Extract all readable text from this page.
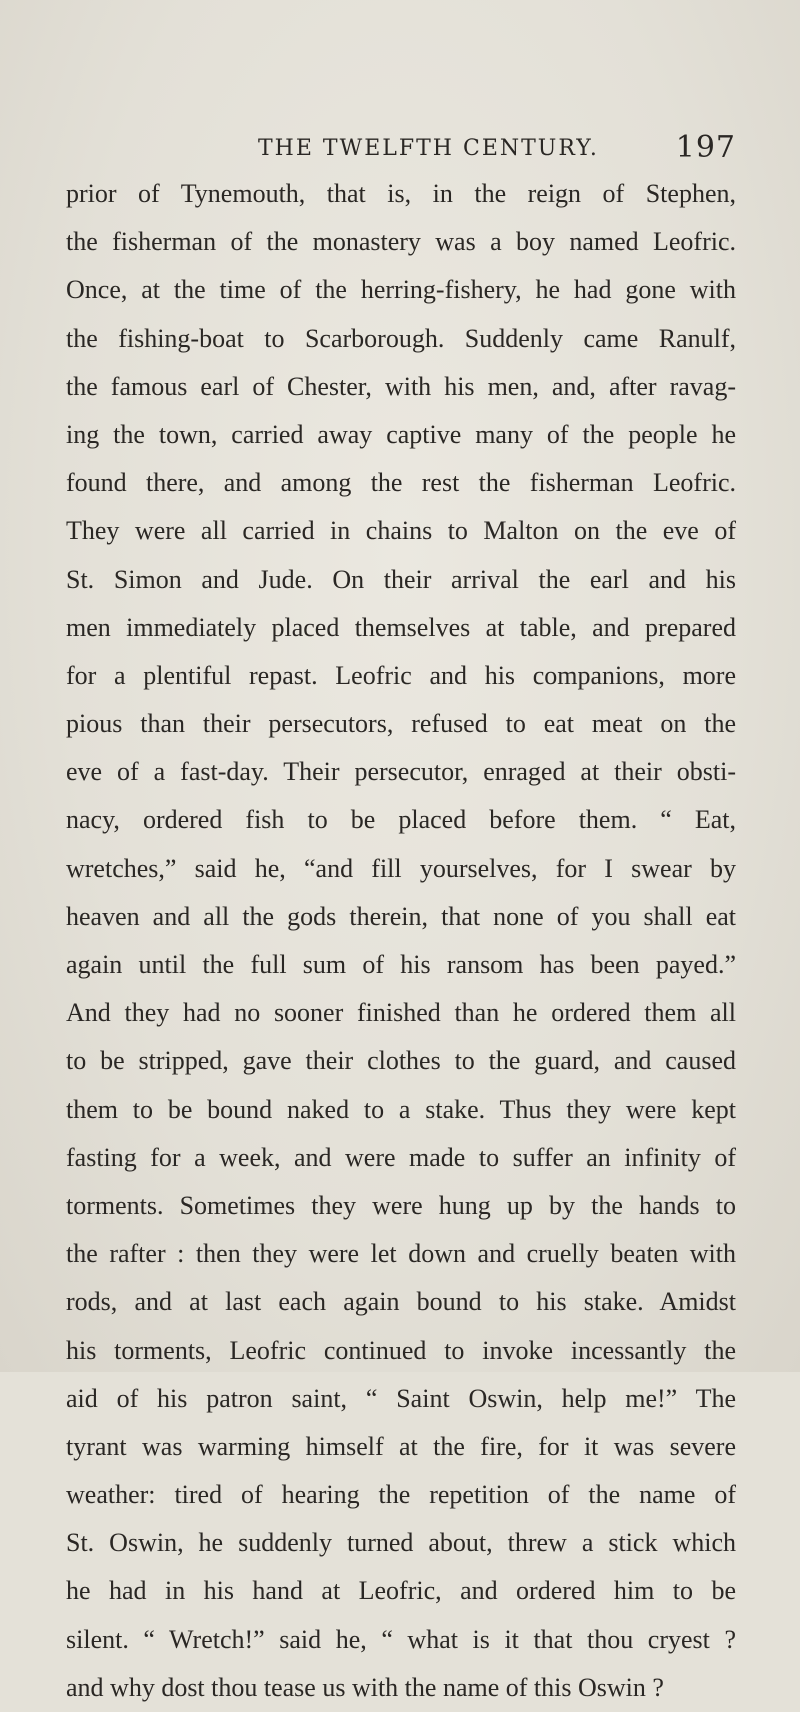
THE TWELFTH CENTURY.	197
prior of Tynemouth, that is, in the reign of Stephen,
the fisherman of the monastery was a boy named Leofric.
Once, at the time of the herring-fishery, he had gone with
the fishing-boat to Scarborough. Suddenly came Ranulf,
the famous earl of Chester, with his men, and, after ravag-
ing the town, carried away captive many of the people he
found there, and among the rest the fisherman Leofric.
They were all carried in chains to Malton on the eve of
St. Simon and Jude. On their arrival the earl and his
men immediately placed themselves at table, and prepared
for a plentiful repast. Leofric and his companions, more
pious than their persecutors, refused to eat meat on the
eve of a fast-day. Their persecutor, enraged at their obsti-
nacy, ordered fish to be placed before them. “ Eat,
wretches,” said he, “and fill yourselves, for I swear by
heaven and all the gods therein, that none of you shall eat
again until the full sum of his ransom has been payed.”
And they had no sooner finished than he ordered them all
to be stripped, gave their clothes to the guard, and caused
them to be bound naked to a stake. Thus they were kept
fasting for a week, and were made to suffer an infinity of
torments. Sometimes they were hung up by the hands to
the rafter : then they were let down and cruelly beaten with
rods, and at last each again bound to his stake. Amidst
his torments, Leofric continued to invoke incessantly the
aid of his patron saint, “ Saint Oswin, help me!” The
tyrant was warming himself at the fire, for it was severe
weather: tired of hearing the repetition of the name of
St. Oswin, he suddenly turned about, threw a stick which
he had in his hand at Leofric, and ordered him to be
silent. “ Wretch!” said he, “ what is it that thou cryest ?
and why dost thou tease us with the name of this Oswin ?
